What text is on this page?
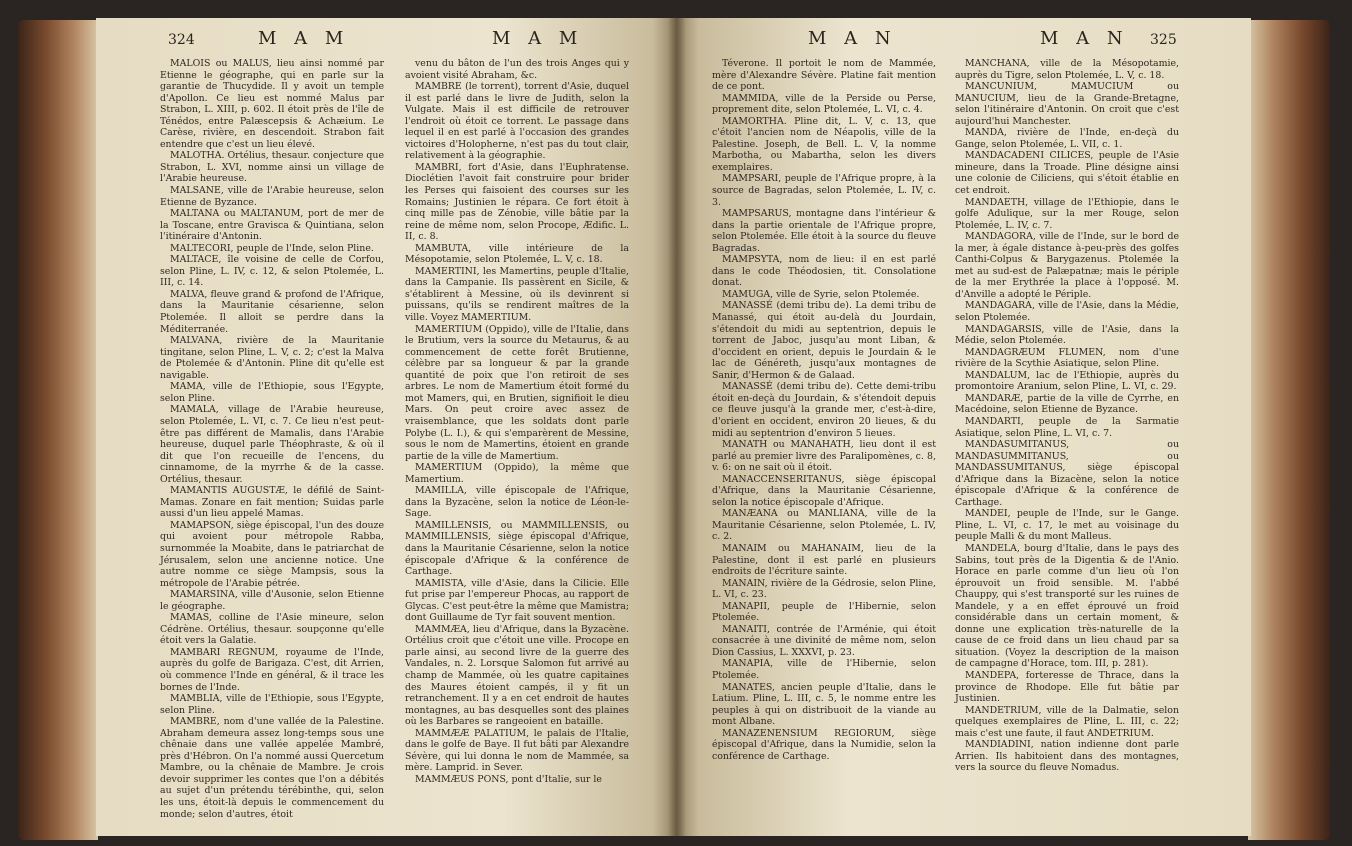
324	M A M	M A M	M A N	M A N 325

MALOIS ou MALUS, lieu ainsi nommé par Etienne le géographe, qui en parle sur la garantie de Thucydide. Il y avoit un temple d'Apollon. Ce lieu est nommé Malus par Strabon, L. XIII, p. 602. Il étoit près de l'île de Ténédos, entre Palæscepsis & Achæium. Le Carèse, rivière, en descendoit. Strabon fait entendre que c'est un lieu élevé.

MALOTHA. Ortélius, thesaur. conjecture que Strabon, L. XVI, nomme ainsi un village de l'Arabie heureuse.

MALSANE, ville de l'Arabie heureuse, selon Etienne de Byzance.

MALTANA ou MALTANUM, port de mer de la Toscane, entre Gravisca & Quintiana, selon l'itinéraire d'Antonin.

MALTECORI, peuple de l'Inde, selon Pline.

MALTACE, île voisine de celle de Corfou, selon Pline, L. IV, c. 12, & selon Ptolemée, L. III, c. 14.

MALVA, fleuve grand & profond de l'Afrique, dans la Mauritanie césarienne, selon Ptolemée. Il alloit se perdre dans la Méditerranée.

MALVANA, rivière de la Mauritanie tingitane, selon Pline, L. V, c. 2; c'est la Malva de Ptolemée & d'Antonin. Pline dit qu'elle est navigable.

MAMA, ville de l'Ethiopie, sous l'Egypte, selon Pline.

MAMALA, village de l'Arabie heureuse, selon Ptolemée, L. VI, c. 7. Ce lieu n'est peut-être pas différent de Mamalis, dans l'Arabie heureuse, duquel parle Théophraste, & où il dit que l'on recueille de l'encens, du cinnamome, de la myrrhe & de la casse. Ortélius, thesaur.

MAMANTIS AUGUSTÆ, le défilé de Saint-Mamas. Zonare en fait mention; Suidas parle aussi d'un lieu appelé Mamas.

MAMAPSON, siège épiscopal, l'un des douze qui avoient pour métropole Rabba, surnommée la Moabite, dans le patriarchat de Jérusalem, selon une ancienne notice. Une autre nomme ce siège Mampsis, sous la métropole de l'Arabie pétrée.

MAMARSINA, ville d'Ausonie, selon Etienne le géographe.

MAMAS, colline de l'Asie mineure, selon Cédrène. Ortélius, thesaur. soupçonne qu'elle étoit vers la Galatie.

MAMBARI REGNUM, royaume de l'Inde, auprès du golfe de Barigaza. C'est, dit Arrien, où commence l'Inde en général, & il trace les bornes de l'Inde.

MAMBLIA, ville de l'Ethiopie, sous l'Egypte, selon Pline.

MAMBRE, nom d'une vallée de la Palestine. Abraham demeura assez long-temps sous une chênaie dans une vallée appelée Mambré, près d'Hébron. On l'a nommé aussi Quercetum Mambre, ou la chênaie de Mambre. Je crois devoir supprimer les contes que l'on a débités au sujet d'un prétendu térébinthe, qui, selon les uns, étoit-là depuis le commencement du monde; selon d'autres, étoit

venu du bâton de l'un des trois Anges qui y avoient visité Abraham, &c.

MAMBRE (le torrent), torrent d'Asie, duquel il est parlé dans le livre de Judith, selon la Vulgate. Mais il est difficile de retrouver l'endroit où étoit ce torrent. Le passage dans lequel il en est parlé à l'occasion des grandes victoires d'Holopherne, n'est pas du tout clair, relativement à la géographie.

MAMBRI, fort d'Asie, dans l'Euphratense. Dioclétien l'avoit fait construire pour brider les Perses qui faisoient des courses sur les Romains; Justinien le répara. Ce fort étoit à cinq mille pas de Zénobie, ville bâtie par la reine de même nom, selon Procope, Ædific. L. II, c. 8.

MAMBUTA, ville intérieure de la Mésopotamie, selon Ptolemée, L. V, c. 18.

MAMERTINI, les Mamertins, peuple d'Italie, dans la Campanie. Ils passèrent en Sicile, & s'établirent à Messine, où ils devinrent si puissans, qu'ils se rendirent maîtres de la ville. Voyez MAMERTIUM.

MAMERTIUM (Oppido), ville de l'Italie, dans le Brutium, vers la source du Metaurus, & au commencement de cette forêt Brutienne, célèbre par sa longueur & par la grande quantité de poix que l'on retiroit de ses arbres. Le nom de Mamertium étoit formé du mot Mamers, qui, en Brutien, signifioit le dieu Mars. On peut croire avec assez de vraisemblance, que les soldats dont parle Polybe (L. I.), & qui s'emparèrent de Messine, sous le nom de Mamertins, étoient en grande partie de la ville de Mamertium.

MAMERTIUM (Oppido), la même que Mamertium.

MAMILLA, ville épiscopale de l'Afrique, dans la Byzacène, selon la notice de Léon-le-Sage.

MAMILLENSIS, ou MAMMILLENSIS, ou MAMMILLENSIS, siège épiscopal d'Afrique, dans la Mauritanie Césarienne, selon la notice épiscopale d'Afrique & la conférence de Carthage.

MAMISTA, ville d'Asie, dans la Cilicie. Elle fut prise par l'empereur Phocas, au rapport de Glycas. C'est peut-être la même que Mamistra; dont Guillaume de Tyr fait souvent mention.

MAMMÆA, lieu d'Afrique, dans la Byzacène. Ortélius croit que c'étoit une ville. Procope en parle ainsi, au second livre de la guerre des Vandales, n. 2. Lorsque Salomon fut arrivé au champ de Mammée, où les quatre capitaines des Maures étoient campés, il y fit un retranchement. Il y a en cet endroit de hautes montagnes, au bas desquelles sont des plaines où les Barbares se rangeoient en bataille.

MAMMÆÆ PALATIUM, le palais de l'Italie, dans le golfe de Baye. Il fut bâti par Alexandre Sévère, qui lui donna le nom de Mammée, sa mère. Lamprid. in Sever.

MAMMÆUS PONS, pont d'Italie, sur le

Téverone. Il portoit le nom de Mammée, mère d'Alexandre Sévère. Platine fait mention de ce pont.

MAMMIDA, ville de la Perside ou Perse, proprement dite, selon Ptolemée, L. VI, c. 4.

MAMORTHA. Pline dit, L. V, c. 13, que c'étoit l'ancien nom de Néapolis, ville de la Palestine. Joseph, de Bell. L. V, la nomme Marbotha, ou Mabartha, selon les divers exemplaires.

MAMPSARI, peuple de l'Afrique propre, à la source de Bagradas, selon Ptolemée, L. IV, c. 3.

MAMPSARUS, montagne dans l'intérieur & dans la partie orientale de l'Afrique propre, selon Ptolemée. Elle étoit à la source du fleuve Bagradas.

MAMPSYTA, nom de lieu: il en est parlé dans le code Théodosien, tit. Consolatione donat.

MAMUGA, ville de Syrie, selon Ptolemée.

MANASSÉ (demi tribu de). La demi tribu de Manassé, qui étoit au-delà du Jourdain, s'étendoit du midi au septentrion, depuis le torrent de Jaboc, jusqu'au mont Liban, & d'occident en orient, depuis le Jourdain & le lac de Généreth, jusqu'aux montagnes de Sanir, d'Hermon & de Galaad.

MANASSÉ (demi tribu de). Cette demi-tribu étoit en-deçà du Jourdain, & s'étendoit depuis ce fleuve jusqu'à la grande mer, c'est-à-dire, d'orient en occident, environ 20 lieues, & du midi au septentrion d'environ 5 lieues.

MANATH ou MANAHATH, lieu dont il est parlé au premier livre des Paralipomènes, c. 8, v. 6: on ne sait où il étoit.

MANACCENSERITANUS, siège épiscopal d'Afrique, dans la Mauritanie Césarienne, selon la notice épiscopale d'Afrique.

MANÆANA ou MANLIANA, ville de la Mauritanie Césarienne, selon Ptolemée, L. IV, c. 2.

MANAIM ou MAHANAIM, lieu de la Palestine, dont il est parlé en plusieurs endroits de l'écriture sainte.

MANAIN, rivière de la Gédrosie, selon Pline, L. VI, c. 23.

MANAPII, peuple de l'Hibernie, selon Ptolemée.

MANAITI, contrée de l'Arménie, qui étoit consacrée à une divinité de même nom, selon Dion Cassius, L. XXXVI, p. 23.

MANAPIA, ville de l'Hibernie, selon Ptolemée.

MANATES, ancien peuple d'Italie, dans le Latium. Pline, L. III, c. 5, le nomme entre les peuples à qui on distribuoit de la viande au mont Albane.

MANAZENENSIUM REGIORUM, siège épiscopal d'Afrique, dans la Numidie, selon la conférence de Carthage.

MANCHANA, ville de la Mésopotamie, auprès du Tigre, selon Ptolemée, L. V, c. 18.

MANCUNIUM, MAMUCIUM ou MANUCIUM, lieu de la Grande-Bretagne, selon l'itinéraire d'Antonin. On croit que c'est aujourd'hui Manchester.

MANDA, rivière de l'Inde, en-deçà du Gange, selon Ptolemée, L. VII, c. 1.

MANDACADENI CILICES, peuple de l'Asie mineure, dans la Troade. Pline désigne ainsi une colonie de Ciliciens, qui s'étoit établie en cet endroit.

MANDAETH, village de l'Ethiopie, dans le golfe Adulique, sur la mer Rouge, selon Ptolemée, L. IV, c. 7.

MANDAGORA, ville de l'Inde, sur le bord de la mer, à égale distance à-peu-près des golfes Canthi-Colpus & Barygazenus. Ptolemée la met au sud-est de Palæpatnæ; mais le périple de la mer Erythrée la place à l'opposé. M. d'Anville a adopté le Périple.

MANDAGARA, ville de l'Asie, dans la Médie, selon Ptolemée.

MANDAGARSIS, ville de l'Asie, dans la Médie, selon Ptolemée.

MANDAGRÆUM FLUMEN, nom d'une rivière de la Scythie Asiatique, selon Pline.

MANDALUM, lac de l'Ethiopie, auprès du promontoire Aranium, selon Pline, L. VI, c. 29.

MANDARÆ, partie de la ville de Cyrrhe, en Macédoine, selon Etienne de Byzance.

MANDARTI, peuple de la Sarmatie Asiatique, selon Pline, L. VI, c. 7.

MANDASUMITANUS, ou MANDASUMMITANUS, ou MANDASSUMITANUS, siège épiscopal d'Afrique dans la Bizacène, selon la notice épiscopale d'Afrique & la conférence de Carthage.

MANDEI, peuple de l'Inde, sur le Gange. Pline, L. VI, c. 17, le met au voisinage du peuple Malli & du mont Malleus.

MANDELA, bourg d'Italie, dans le pays des Sabins, tout près de la Digentia & de l'Anio. Horace en parle comme d'un lieu où l'on éprouvoit un froid sensible. M. l'abbé Chauppy, qui s'est transporté sur les ruines de Mandele, y a en effet éprouvé un froid considérable dans un certain moment, & donne une explication très-naturelle de la cause de ce froid dans un lieu chaud par sa situation. (Voyez la description de la maison de campagne d'Horace, tom. III, p. 281).

MANDEPA, forteresse de Thrace, dans la province de Rhodope. Elle fut bâtie par Justinien.

MANDETRIUM, ville de la Dalmatie, selon quelques exemplaires de Pline, L. III, c. 22; mais c'est une faute, il faut ANDETRIUM.

MANDIADINI, nation indienne dont parle Arrien. Ils habitoient dans des montagnes, vers la source du fleuve Nomadus.
